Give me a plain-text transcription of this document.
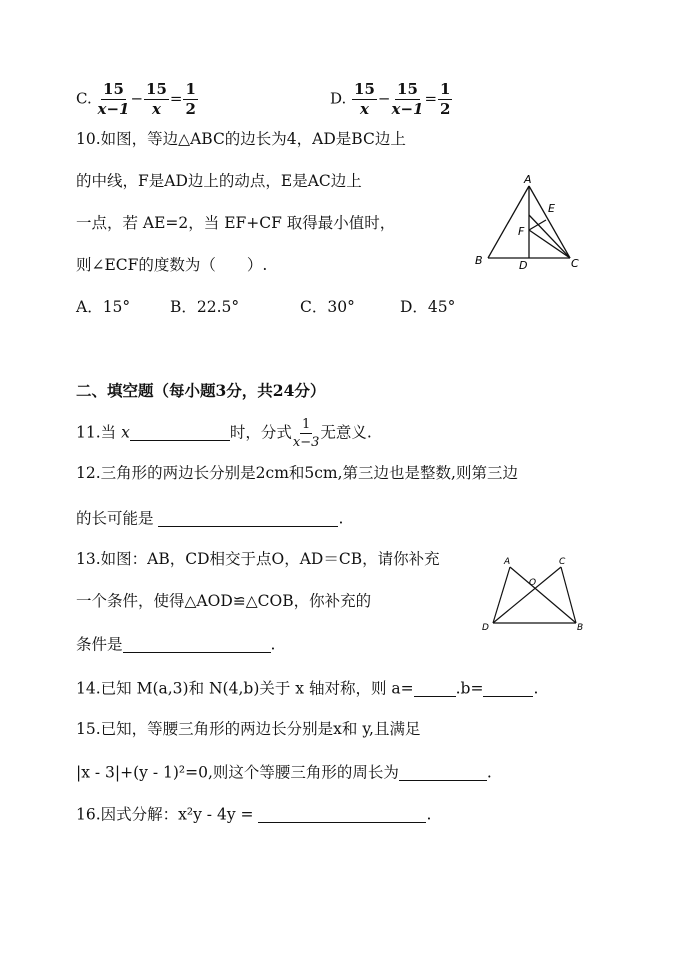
C. $\frac{15}{x-1} - \frac{15}{x} = \frac{1}{2}$	D. $\frac{15}{x} - \frac{15}{x-1} = \frac{1}{2}$
10.如图，等边△ABC的边长为4，AD是BC边上
的中线，F是AD边上的动点，E是AC边上
一点，若 AE=2，当 EF+CF 取得最小值时，
则∠ECF的度数为（　　）.
A．15°	B．22.5°	C．30°	D．45°
A
B	C
D
E
F
二、填空题（每小题3分，共24分）
11.当 x	时，分式 $\frac{1}{x-3}$ 无意义.
12.三角形的两边长分别是2cm和5cm,第三边也是整数,则第三边
的长可能是	.
13.如图：AB，CD相交于点O，AD＝CB，请你补充
一个条件，使得△AOD≌△COB，你补充的
条件是	.
A	C
O
D	B
14.已知 M(a,3)和 N(4,b)关于 x 轴对称，则 a=	.b=	.
15.已知，等腰三角形的两边长分别是x和 y,且满足
|x - 3|+(y - 1)²=0,则这个等腰三角形的周长为	.
16.因式分解：x²y - 4y =	.
